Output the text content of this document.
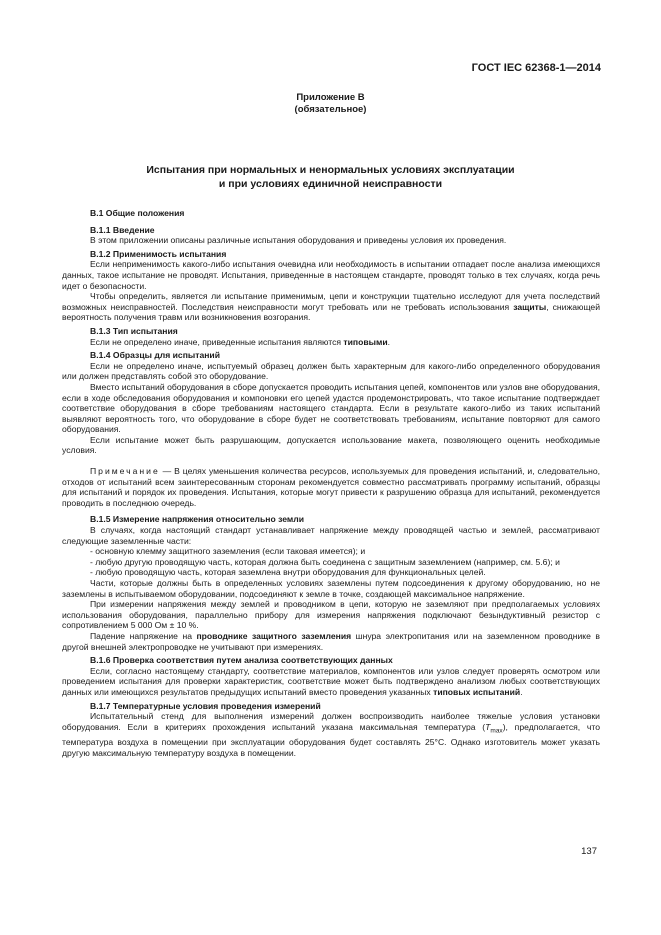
ГОСТ IEC 62368-1—2014
Приложение В
(обязательное)
Испытания при нормальных и ненормальных условиях эксплуатации
и при условиях единичной неисправности

В.1 Общие положения

В.1.1 Введение

В этом приложении описаны различные испытания оборудования и приведены условия их проведения.

В.1.2 Применимость испытания

Если неприменимость какого-либо испытания очевидна или необходимость в испытании отпадает после анализа имеющихся данных, такое испытание не проводят. Испытания, приведенные в настоящем стандарте, проводят только в тех случаях, когда речь идет о безопасности.

Чтобы определить, является ли испытание применимым, цепи и конструкции тщательно исследуют для учета последствий возможных неисправностей. Последствия неисправности могут требовать или не требовать использования защиты, снижающей вероятность получения травм или возникновения возгорания.

В.1.3 Тип испытания

Если не определено иначе, приведенные испытания являются типовыми.

В.1.4 Образцы для испытаний

Если не определено иначе, испытуемый образец должен быть характерным для какого-либо определенного оборудования или должен представлять собой это оборудование.

Вместо испытаний оборудования в сборе допускается проводить испытания цепей, компонентов или узлов вне оборудования, если в ходе обследования оборудования и компоновки его цепей удастся продемонстрировать, что такое испытание подтверждает соответствие оборудования в сборе требованиям настоящего стандарта. Если в результате какого-либо из таких испытаний выявляют вероятность того, что оборудование в сборе будет не соответствовать требованиям, испытание повторяют для самого оборудования.

Если испытание может быть разрушающим, допускается использование макета, позволяющего оценить необходимые условия.

Примечание — В целях уменьшения количества ресурсов, используемых для проведения испытаний, и, следовательно, отходов от испытаний всем заинтересованным сторонам рекомендуется совместно рассматривать программу испытаний, образцы для испытаний и порядок их проведения. Испытания, которые могут привести к разрушению образца для испытаний, рекомендуется проводить в последнюю очередь.

В.1.5 Измерение напряжения относительно земли

В случаях, когда настоящий стандарт устанавливает напряжение между проводящей частью и землей, рассматривают следующие заземленные части:

- основную клемму защитного заземления (если таковая имеется); и

- любую другую проводящую часть, которая должна быть соединена с защитным заземлением (например, см. 5.6); и

- любую проводящую часть, которая заземлена внутри оборудования для функциональных целей.

Части, которые должны быть в определенных условиях заземлены путем подсоединения к другому оборудованию, но не заземлены в испытываемом оборудовании, подсоединяют к земле в точке, создающей максимальное напряжение.

При измерении напряжения между землей и проводником в цепи, которую не заземляют при предполагаемых условиях использования оборудования, параллельно прибору для измерения напряжения подключают безындуктивный резистор с сопротивлением 5 000 Ом ± 10 %.

Падение напряжение на проводнике защитного заземления шнура электропитания или на заземленном проводнике в другой внешней электропроводке не учитывают при измерениях.

В.1.6 Проверка соответствия путем анализа соответствующих данных

Если, согласно настоящему стандарту, соответствие материалов, компонентов или узлов следует проверять осмотром или проведением испытания для проверки характеристик, соответствие может быть подтверждено анализом любых соответствующих данных или имеющихся результатов предыдущих испытаний вместо проведения указанных типовых испытаний.

В.1.7 Температурные условия проведения измерений

Испытательный стенд для выполнения измерений должен воспроизводить наиболее тяжелые условия установки оборудования. Если в критериях прохождения испытаний указана максимальная температура $(T_{max})$, предполагается, что температура воздуха в помещении при эксплуатации оборудования будет составлять 25°С. Однако изготовитель может указать другую максимальную температуру воздуха в помещении.

137
